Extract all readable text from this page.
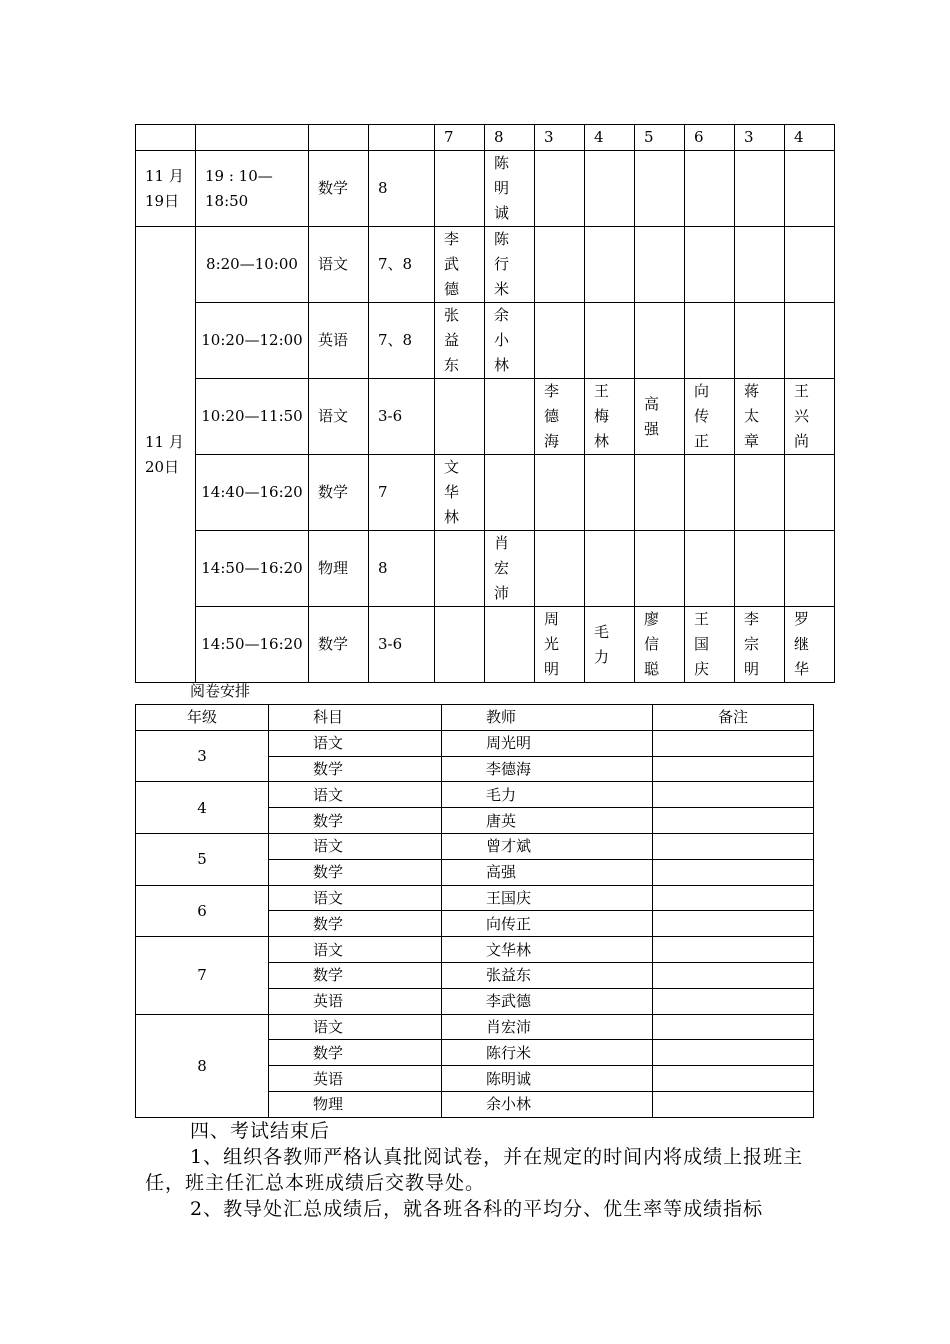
				7	8	3	4	5	6	3	4
11 月 19日	19 : 10—18:50	数学	8		陈明诚						

11 月 20日	8:20—10:00	语文	7、8	李武德	陈行米						

	10:20—12:00	英语	7、8	张益东	余小林						

	10:20—11:50	语文	3-6			李德海	王梅林	高强	向传正	蒋太章	王兴尚

	14:40—16:20	数学	7	文华林							

	14:50—16:20	物理	8		肖宏沛						

	14:50—16:20	数学	3-6			周光明	毛力	廖信聪	王国庆	李宗明	罗继华
阅卷安排
年级	科目	教师	备注
3	语文	周光明	
	数学	李德海	
4	语文	毛力	
	数学	唐英	
5	语文	曾才斌	
	数学	高强	
6	语文	王国庆	
	数学	向传正	
7	语文	文华林	
	数学	张益东	
	英语	李武德	
8	语文	肖宏沛	
	数学	陈行米	
	英语	陈明诚	
	物理	余小林	
四、考试结束后
1、组织各教师严格认真批阅试卷，并在规定的时间内将成绩上报班主任，班主任汇总本班成绩后交教导处。
2、教导处汇总成绩后，就各班各科的平均分、优生率等成绩指标
